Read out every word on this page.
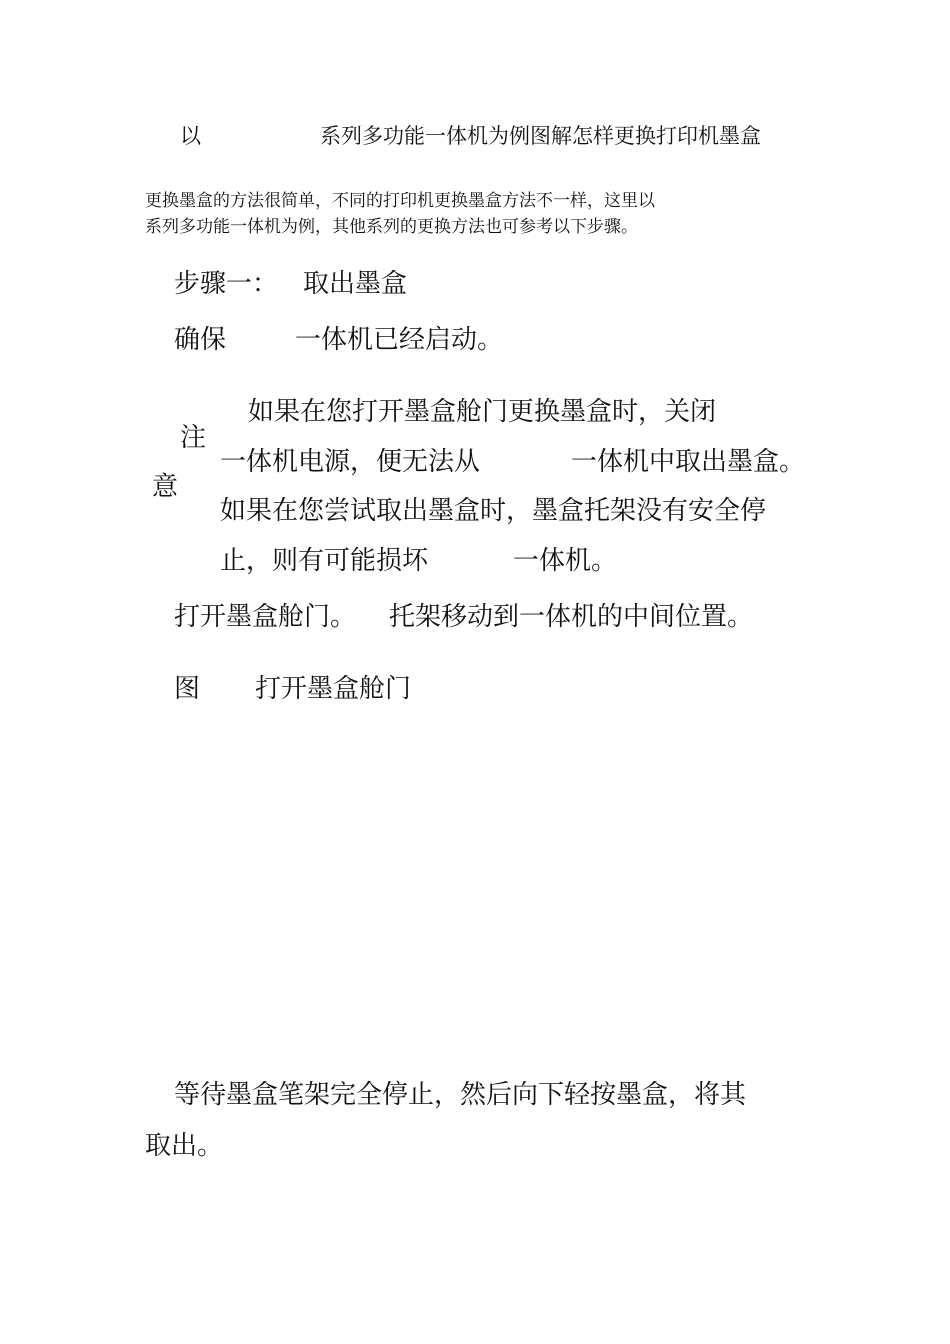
以	系列多功能一体机为例图解怎样更换打印机墨盒
更换墨盒的方法很简单，不同的打印机更换墨盒方法不一样，这里以
系列多功能一体机为例，其他系列的更换方法也可参考以下步骤。
步骤一： 取出墨盒
确保	一体机已经启动。
注
意
如果在您打开墨盒舱门更换墨盒时，关闭
一体机电源，便无法从	一体机中取出墨盒。
如果在您尝试取出墨盒时，墨盒托架没有安全停
止，则有可能损坏	一体机。
打开墨盒舱门。 托架移动到一体机的中间位置。
图 打开墨盒舱门
等待墨盒笔架完全停止，然后向下轻按墨盒，将其
取出。
